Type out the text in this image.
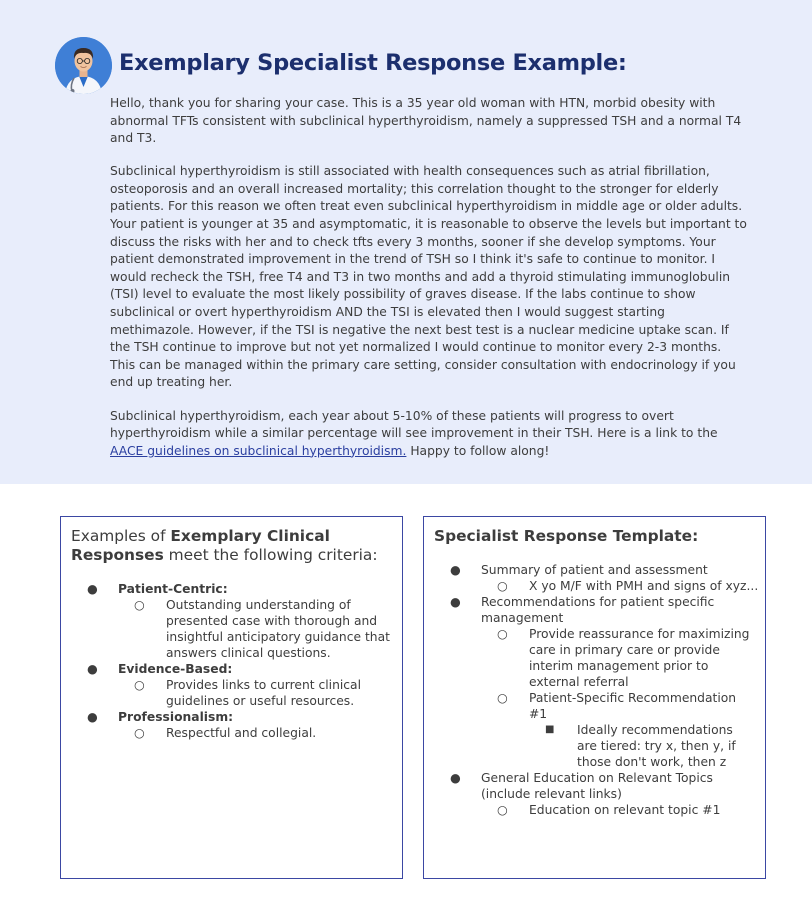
Exemplary Specialist Response Example:

Hello, thank you for sharing your case. This is a 35 year old woman with HTN, morbid obesity with abnormal TFTs consistent with subclinical hyperthyroidism, namely a suppressed TSH and a normal T4 and T3.

Subclinical hyperthyroidism is still associated with health consequences such as atrial fibrillation, osteoporosis and an overall increased mortality; this correlation thought to the stronger for elderly patients. For this reason we often treat even subclinical hyperthyroidism in middle age or older adults. Your patient is younger at 35 and asymptomatic, it is reasonable to observe the levels but important to discuss the risks with her and to check tfts every 3 months, sooner if she develop symptoms. Your patient demonstrated improvement in the trend of TSH so I think it's safe to continue to monitor. I would recheck the TSH, free T4 and T3 in two months and add a thyroid stimulating immunoglobulin (TSI) level to evaluate the most likely possibility of graves disease. If the labs continue to show subclinical or overt hyperthyroidism AND the TSI is elevated then I would suggest starting methimazole. However, if the TSI is negative the next best test is a nuclear medicine uptake scan. If the TSH continue to improve but not yet normalized I would continue to monitor every 2-3 months. This can be managed within the primary care setting, consider consultation with endocrinology if you end up treating her.

Subclinical hyperthyroidism, each year about 5-10% of these patients will progress to overt hyperthyroidism while a similar percentage will see improvement in their TSH. Here is a link to the AACE guidelines on subclinical hyperthyroidism. Happy to follow along!

Examples of Exemplary Clinical Responses meet the following criteria:
● Patient-Centric:
○ Outstanding understanding of presented case with thorough and insightful anticipatory guidance that answers clinical questions.
● Evidence-Based:
○ Provides links to current clinical guidelines or useful resources.
● Professionalism:
○ Respectful and collegial.
Specialist Response Template:
● Summary of patient and assessment
○ X yo M/F with PMH and signs of xyz...
● Recommendations for patient specific management
○ Provide reassurance for maximizing care in primary care or provide interim management prior to external referral
○ Patient-Specific Recommendation #1
■ Ideally recommendations are tiered: try x, then y, if those don't work, then z
● General Education on Relevant Topics (include relevant links)
○ Education on relevant topic #1
